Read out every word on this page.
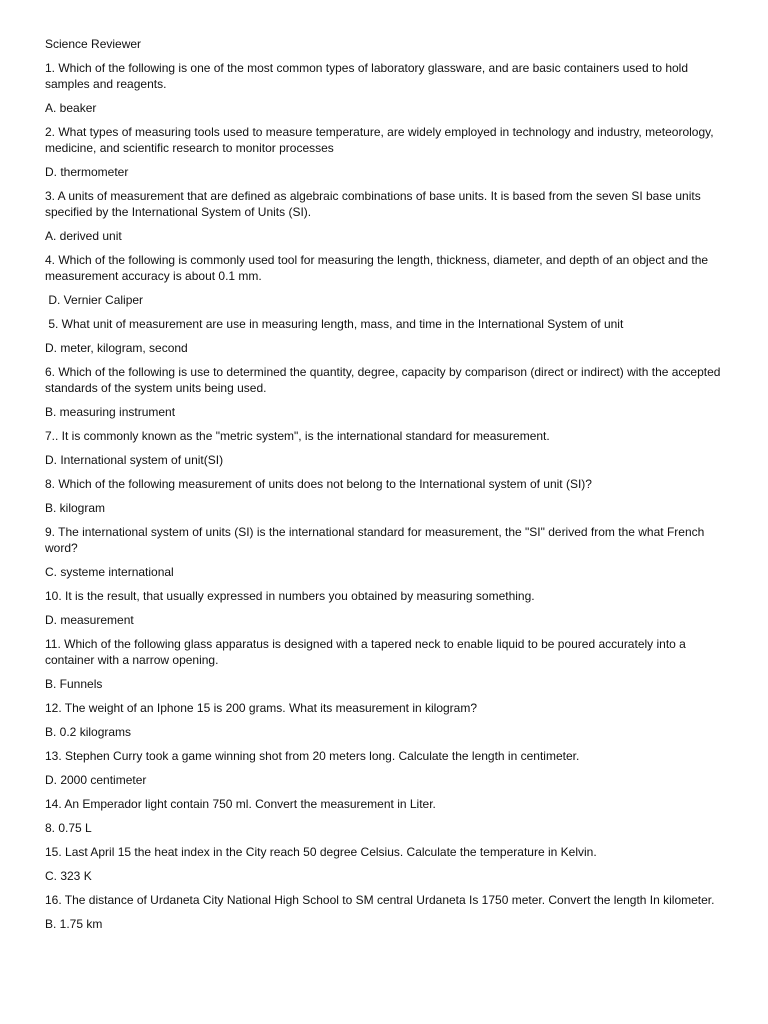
Science Reviewer

1. Which of the following is one of the most common types of laboratory glassware, and are basic containers used to hold samples and reagents.

A. beaker

2. What types of measuring tools used to measure temperature, are widely employed in technology and industry, meteorology, medicine, and scientific research to monitor processes

D. thermometer

3. A units of measurement that are defined as algebraic combinations of base units. It is based from the seven SI base units specified by the International System of Units (SI).

A. derived unit

4. Which of the following is commonly used tool for measuring the length, thickness, diameter, and depth of an object and the measurement accuracy is about 0.1 mm.

D. Vernier Caliper

5. What unit of measurement are use in measuring length, mass, and time in the International System of unit

D. meter, kilogram, second

6. Which of the following is use to determined the quantity, degree, capacity by comparison (direct or indirect) with the accepted standards of the system units being used.

B. measuring instrument

7.. It is commonly known as the "metric system", is the international standard for measurement.

D. International system of unit(SI)

8. Which of the following measurement of units does not belong to the International system of unit (SI)?

B. kilogram

9. The international system of units (SI) is the international standard for measurement, the "SI" derived from the what French word?

C. systeme international

10. It is the result, that usually expressed in numbers you obtained by measuring something.

D. measurement

11. Which of the following glass apparatus is designed with a tapered neck to enable liquid to be poured accurately into a container with a narrow opening.

B. Funnels

12. The weight of an Iphone 15 is 200 grams. What its measurement in kilogram?

B. 0.2 kilograms

13. Stephen Curry took a game winning shot from 20 meters long. Calculate the length in centimeter.

D. 2000 centimeter

14. An Emperador light contain 750 ml. Convert the measurement in Liter.

8. 0.75 L

15. Last April 15 the heat index in the City reach 50 degree Celsius. Calculate the temperature in Kelvin.

C. 323 K

16. The distance of Urdaneta City National High School to SM central Urdaneta Is 1750 meter. Convert the length In kilometer.

B. 1.75 km
